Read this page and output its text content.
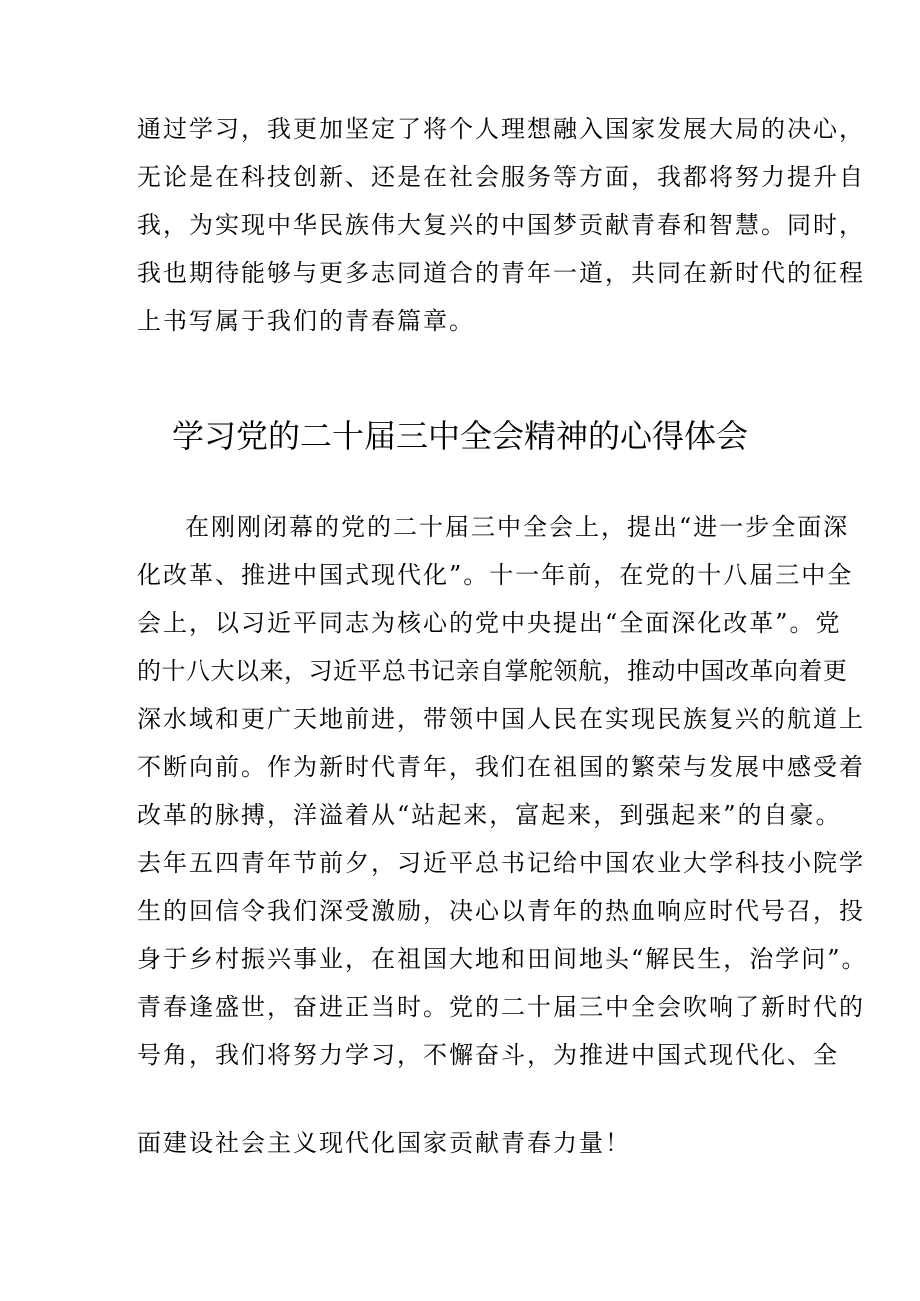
通过学习，我更加坚定了将个人理想融入国家发展大局的决心，
无论是在科技创新、还是在社会服务等方面，我都将努力提升自
我，为实现中华民族伟大复兴的中国梦贡献青春和智慧。同时，
我也期待能够与更多志同道合的青年一道，共同在新时代的征程
上书写属于我们的青春篇章。
学习党的二十届三中全会精神的心得体会
在刚刚闭幕的党的二十届三中全会上，提出“进一步全面深
化改革、推进中国式现代化”。十一年前，在党的十八届三中全
会上，以习近平同志为核心的党中央提出“全面深化改革”。党
的十八大以来，习近平总书记亲自掌舵领航，推动中国改革向着更
深水域和更广天地前进，带领中国人民在实现民族复兴的航道上
不断向前。作为新时代青年，我们在祖国的繁荣与发展中感受着
改革的脉搏，洋溢着从“站起来，富起来，到强起来”的自豪。
去年五四青年节前夕，习近平总书记给中国农业大学科技小院学
生的回信令我们深受激励，决心以青年的热血响应时代号召，投
身于乡村振兴事业，在祖国大地和田间地头“解民生，治学问”。
青春逢盛世，奋进正当时。党的二十届三中全会吹响了新时代的
号角，我们将努力学习，不懈奋斗，为推进中国式现代化、全
面建设社会主义现代化国家贡献青春力量！
